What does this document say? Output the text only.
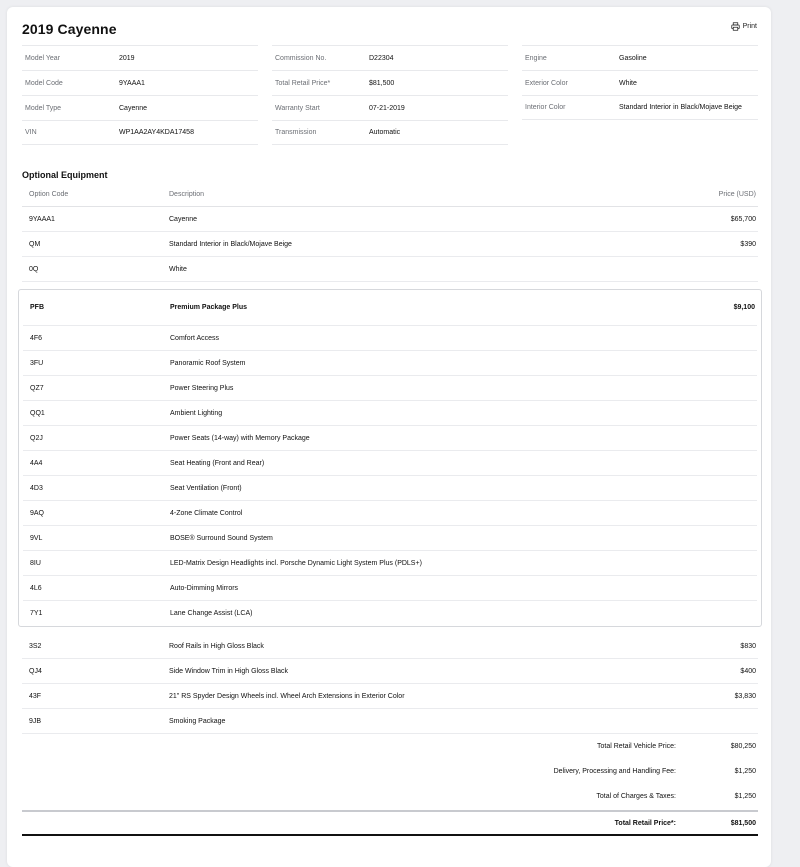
2019 Cayenne	Print
Model Year	2019
Model Code	9YAAA1
Model Type	Cayenne
VIN	WP1AA2AY4KDA17458
Commission No.	D22304
Total Retail Price*	$81,500
Warranty Start	07-21-2019
Transmission	Automatic
Engine	Gasoline
Exterior Color	White
Interior Color	Standard Interior in Black/Mojave Beige
Optional Equipment
Option Code	Description	Price (USD)
9YAAA1	Cayenne	$65,700
QM	Standard Interior in Black/Mojave Beige	$390
0Q	White
PFB	Premium Package Plus	$9,100
4F6	Comfort Access
3FU	Panoramic Roof System
QZ7	Power Steering Plus
QQ1	Ambient Lighting
Q2J	Power Seats (14-way) with Memory Package
4A4	Seat Heating (Front and Rear)
4D3	Seat Ventilation (Front)
9AQ	4-Zone Climate Control
9VL	BOSE® Surround Sound System
8IU	LED-Matrix Design Headlights incl. Porsche Dynamic Light System Plus (PDLS+)
4L6	Auto-Dimming Mirrors
7Y1	Lane Change Assist (LCA)
3S2	Roof Rails in High Gloss Black	$830
QJ4	Side Window Trim in High Gloss Black	$400
43F	21" RS Spyder Design Wheels incl. Wheel Arch Extensions in Exterior Color	$3,830
9JB	Smoking Package
Total Retail Vehicle Price:	$80,250
Delivery, Processing and Handling Fee:	$1,250
Total of Charges & Taxes:	$1,250
Total Retail Price*:	$81,500
